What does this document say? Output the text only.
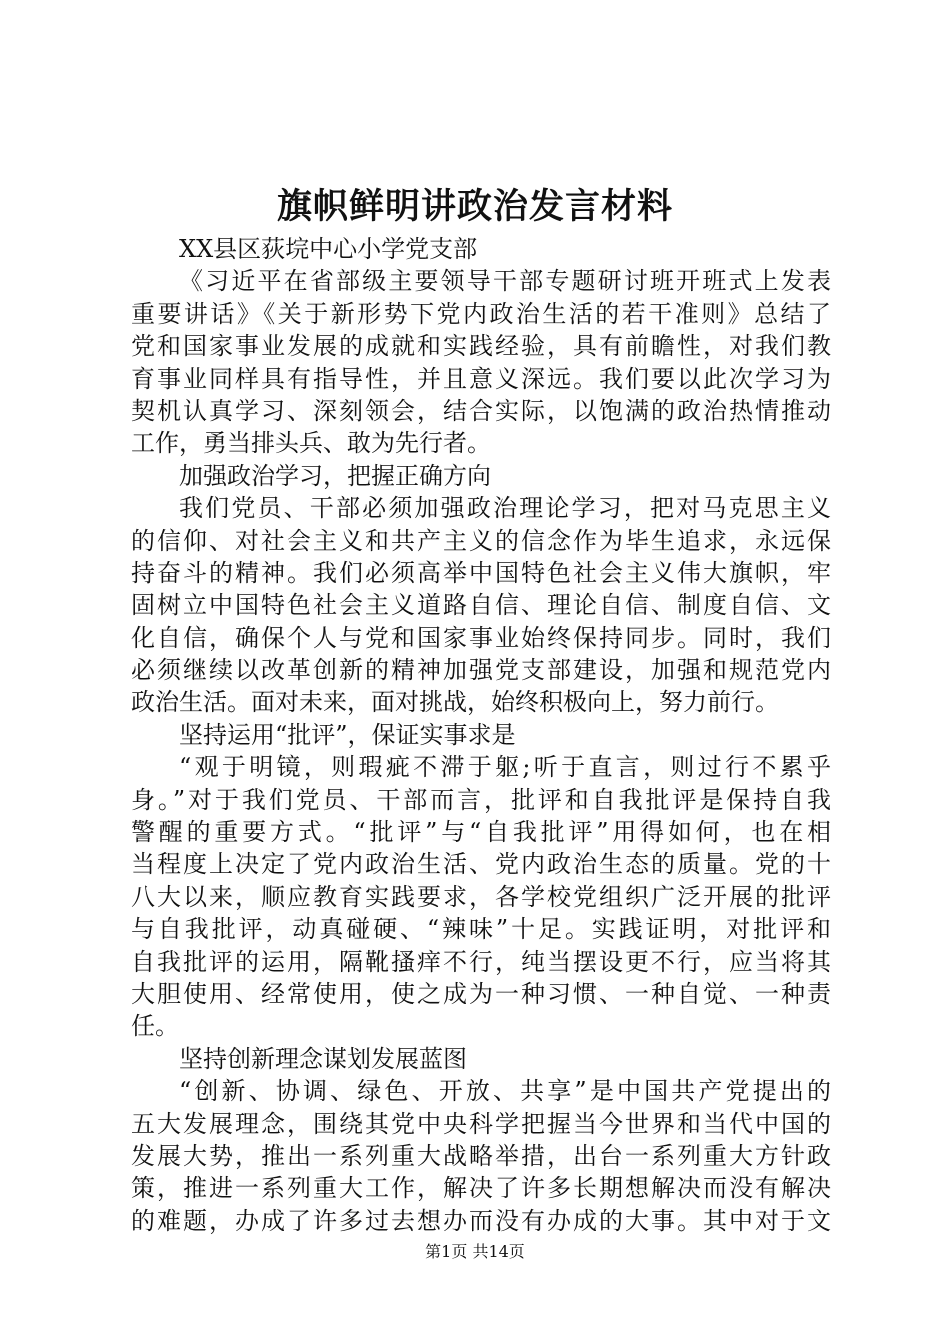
旗帜鲜明讲政治发言材料
XX县区荻垸中心小学党支部
《习近平在省部级主要领导干部专题研讨班开班式上发表
重要讲话》《关于新形势下党内政治生活的若干准则》总结了
党和国家事业发展的成就和实践经验，具有前瞻性，对我们教
育事业同样具有指导性，并且意义深远。我们要以此次学习为
契机认真学习、深刻领会，结合实际，以饱满的政治热情推动
工作，勇当排头兵、敢为先行者。
加强政治学习，把握正确方向
我们党员、干部必须加强政治理论学习，把对马克思主义
的信仰、对社会主义和共产主义的信念作为毕生追求，永远保
持奋斗的精神。我们必须高举中国特色社会主义伟大旗帜，牢
固树立中国特色社会主义道路自信、理论自信、制度自信、文
化自信，确保个人与党和国家事业始终保持同步。同时，我们
必须继续以改革创新的精神加强党支部建设，加强和规范党内
政治生活。面对未来，面对挑战，始终积极向上，努力前行。
坚持运用“批评”，保证实事求是
“观于明镜，则瑕疵不滞于躯;听于直言，则过行不累乎
身。”对于我们党员、干部而言，批评和自我批评是保持自我
警醒的重要方式。“批评”与“自我批评”用得如何，也在相
当程度上决定了党内政治生活、党内政治生态的质量。党的十
八大以来，顺应教育实践要求，各学校党组织广泛开展的批评
与自我批评，动真碰硬、“辣味”十足。实践证明，对批评和
自我批评的运用，隔靴搔痒不行，纯当摆设更不行，应当将其
大胆使用、经常使用，使之成为一种习惯、一种自觉、一种责
任。
坚持创新理念谋划发展蓝图
“创新、协调、绿色、开放、共享”是中国共产党提出的
五大发展理念，围绕其党中央科学把握当今世界和当代中国的
发展大势，推出一系列重大战略举措，出台一系列重大方针政
策，推进一系列重大工作，解决了许多长期想解决而没有解决
的难题，办成了许多过去想办而没有办成的大事。其中对于文
第1页 共14页
